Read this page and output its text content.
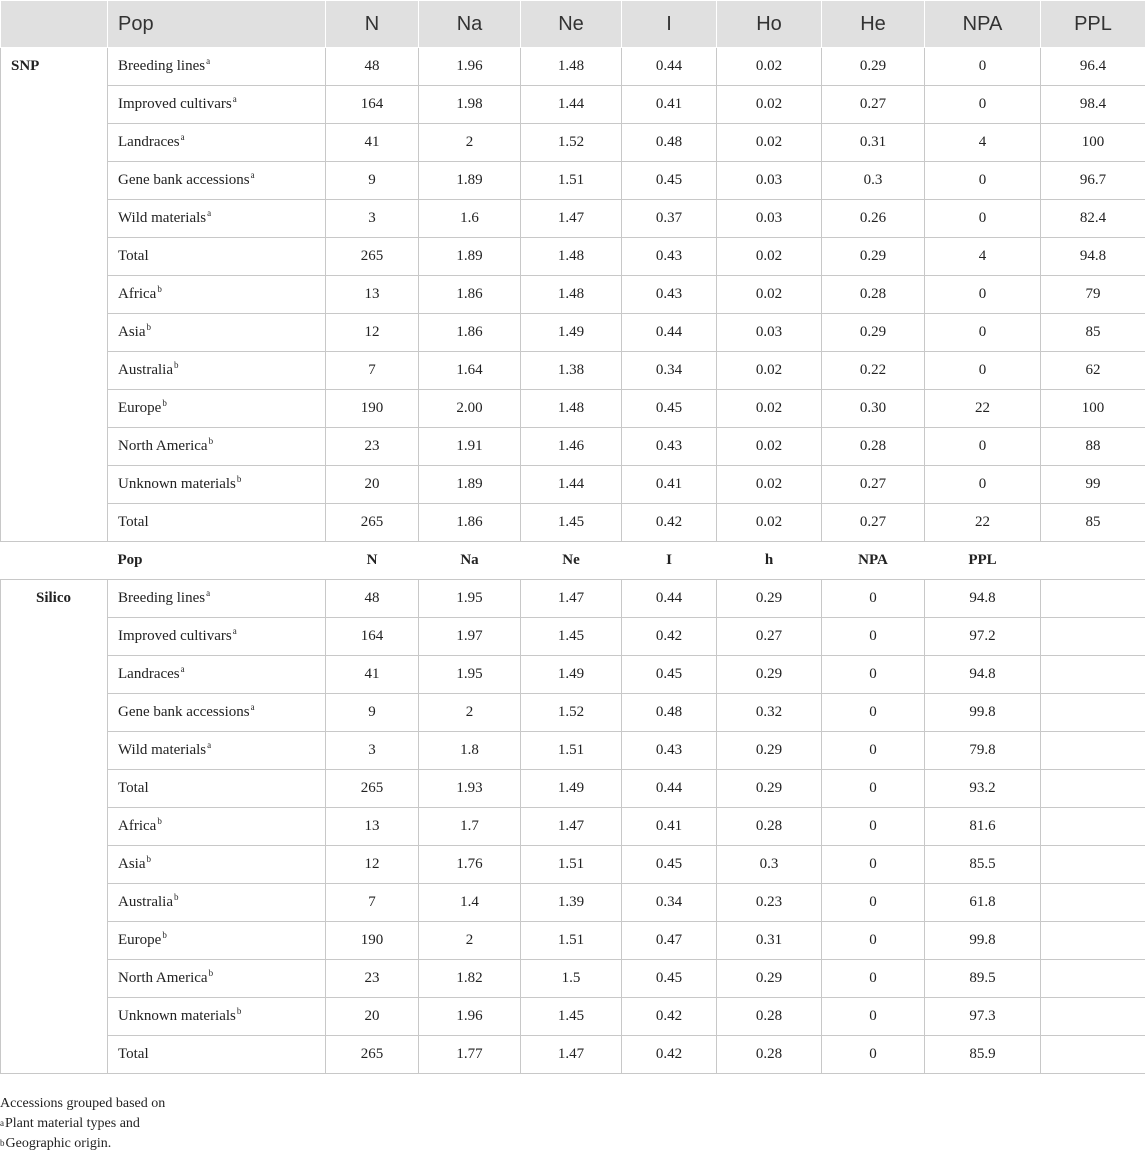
	Pop	N	Na	Ne	I	Ho	He	NPA	PPL
SNP	Breeding lines$^a$	48	1.96	1.48	0.44	0.02	0.29	0	96.4
	Improved cultivars$^a$	164	1.98	1.44	0.41	0.02	0.27	0	98.4
	Landraces$^a$	41	2	1.52	0.48	0.02	0.31	4	100
	Gene bank accessions$^a$	9	1.89	1.51	0.45	0.03	0.3	0	96.7
	Wild materials$^a$	3	1.6	1.47	0.37	0.03	0.26	0	82.4
	Total	265	1.89	1.48	0.43	0.02	0.29	4	94.8
	Africa$^b$	13	1.86	1.48	0.43	0.02	0.28	0	79
	Asia$^b$	12	1.86	1.49	0.44	0.03	0.29	0	85
	Australia$^b$	7	1.64	1.38	0.34	0.02	0.22	0	62
	Europe$^b$	190	2.00	1.48	0.45	0.02	0.30	22	100
	North America$^b$	23	1.91	1.46	0.43	0.02	0.28	0	88
	Unknown materials$^b$	20	1.89	1.44	0.41	0.02	0.27	0	99
	Total	265	1.86	1.45	0.42	0.02	0.27	22	85
	Pop	N	Na	Ne	I	h	NPA	PPL	
Silico	Breeding lines$^a$	48	1.95	1.47	0.44	0.29	0	94.8	
	Improved cultivars$^a$	164	1.97	1.45	0.42	0.27	0	97.2	
	Landraces$^a$	41	1.95	1.49	0.45	0.29	0	94.8	
	Gene bank accessions$^a$	9	2	1.52	0.48	0.32	0	99.8	
	Wild materials$^a$	3	1.8	1.51	0.43	0.29	0	79.8	
	Total	265	1.93	1.49	0.44	0.29	0	93.2	
	Africa$^b$	13	1.7	1.47	0.41	0.28	0	81.6	
	Asia$^b$	12	1.76	1.51	0.45	0.3	0	85.5	
	Australia$^b$	7	1.4	1.39	0.34	0.23	0	61.8	
	Europe$^b$	190	2	1.51	0.47	0.31	0	99.8	
	North America$^b$	23	1.82	1.5	0.45	0.29	0	89.5	
	Unknown materials$^b$	20	1.96	1.45	0.42	0.28	0	97.3	
	Total	265	1.77	1.47	0.42	0.28	0	85.9	
Accessions grouped based on
$^a$Plant material types and
$^b$Geographic origin.
